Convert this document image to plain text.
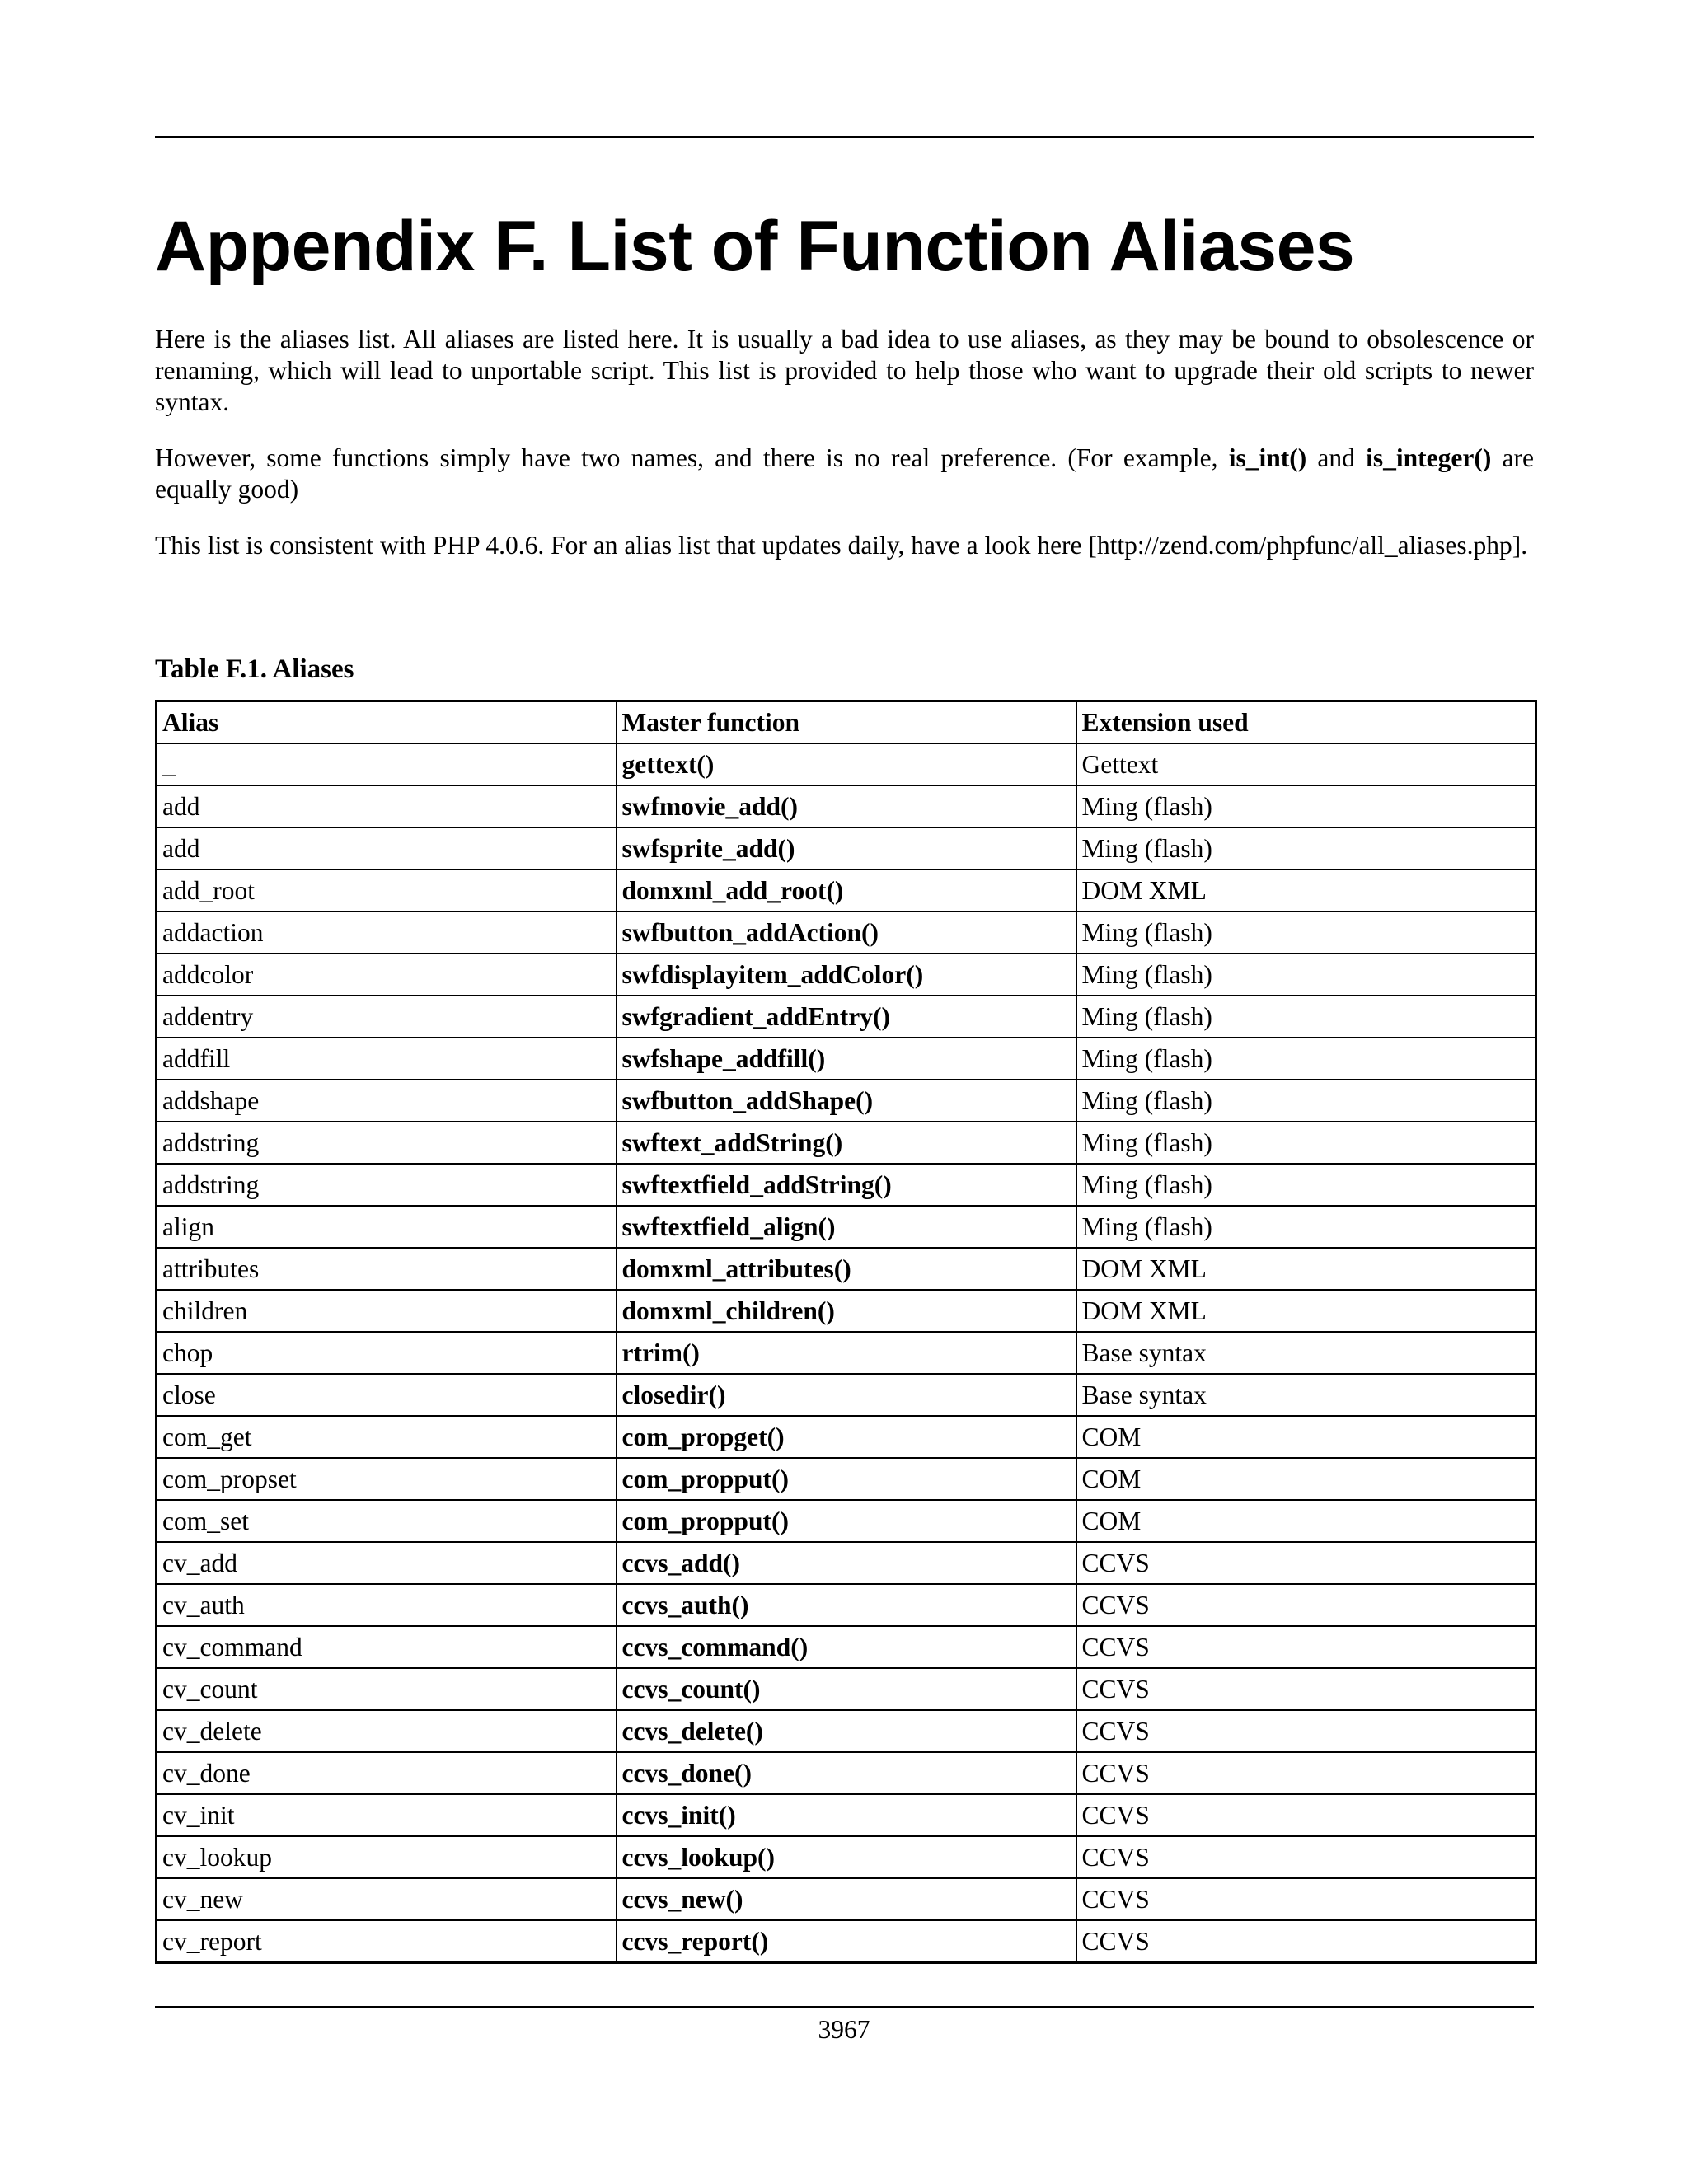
Appendix F. List of Function Aliases

Here is the aliases list. All aliases are listed here. It is usually a bad idea to use aliases, as they may be bound to obsolescence or renaming, which will lead to unportable script. This list is provided to help those who want to upgrade their old scripts to newer syntax.

However, some functions simply have two names, and there is no real preference. (For example, is_int() and is_integer() are equally good)

This list is consistent with PHP 4.0.6. For an alias list that updates daily, have a look here [http://zend.com/phpfunc/all_aliases.php].

Table F.1. Aliases
Alias	Master function	Extension used
_	gettext()	Gettext
add	swfmovie_add()	Ming (flash)
add	swfsprite_add()	Ming (flash)
add_root	domxml_add_root()	DOM XML
addaction	swfbutton_addAction()	Ming (flash)
addcolor	swfdisplayitem_addColor()	Ming (flash)
addentry	swfgradient_addEntry()	Ming (flash)
addfill	swfshape_addfill()	Ming (flash)
addshape	swfbutton_addShape()	Ming (flash)
addstring	swftext_addString()	Ming (flash)
addstring	swftextfield_addString()	Ming (flash)
align	swftextfield_align()	Ming (flash)
attributes	domxml_attributes()	DOM XML
children	domxml_children()	DOM XML
chop	rtrim()	Base syntax
close	closedir()	Base syntax
com_get	com_propget()	COM
com_propset	com_propput()	COM
com_set	com_propput()	COM
cv_add	ccvs_add()	CCVS
cv_auth	ccvs_auth()	CCVS
cv_command	ccvs_command()	CCVS
cv_count	ccvs_count()	CCVS
cv_delete	ccvs_delete()	CCVS
cv_done	ccvs_done()	CCVS
cv_init	ccvs_init()	CCVS
cv_lookup	ccvs_lookup()	CCVS
cv_new	ccvs_new()	CCVS
cv_report	ccvs_report()	CCVS
3967
